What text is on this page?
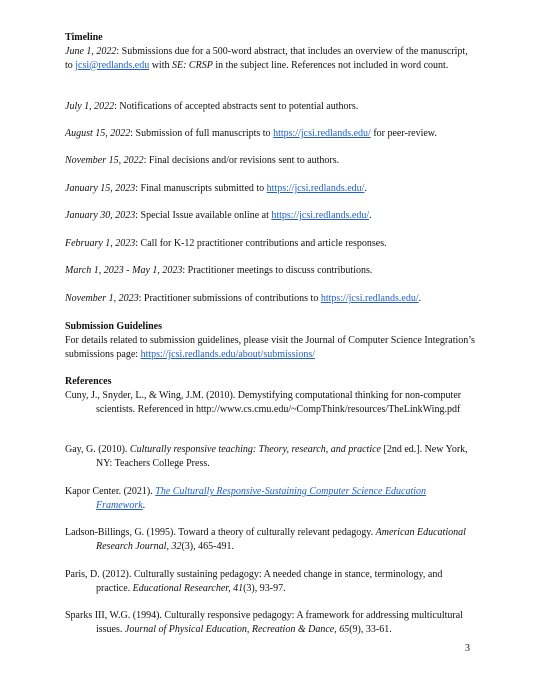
Timeline
June 1, 2022: Submissions due for a 500-word abstract, that includes an overview of the manuscript, to jcsi@redlands.edu with SE: CRSP in the subject line. References not included in word count.
July 1, 2022: Notifications of accepted abstracts sent to potential authors.
August 15, 2022: Submission of full manuscripts to https://jcsi.redlands.edu/ for peer-review.
November 15, 2022: Final decisions and/or revisions sent to authors.
January 15, 2023: Final manuscripts submitted to https://jcsi.redlands.edu/.
January 30, 2023: Special Issue available online at https://jcsi.redlands.edu/.
February 1, 2023: Call for K-12 practitioner contributions and article responses.
March 1, 2023 - May 1, 2023: Practitioner meetings to discuss contributions.
November 1, 2023: Practitioner submissions of contributions to https://jcsi.redlands.edu/.
Submission Guidelines
For details related to submission guidelines, please visit the Journal of Computer Science Integration’s submissions page: https://jcsi.redlands.edu/about/submissions/
References
Cuny, J., Snyder, L., & Wing, J.M. (2010). Demystifying computational thinking for non-computer scientists. Referenced in http://www.cs.cmu.edu/~CompThink/resources/TheLinkWing.pdf
Gay, G. (2010). Culturally responsive teaching: Theory, research, and practice [2nd ed.]. New York, NY: Teachers College Press.
Kapor Center. (2021). The Culturally Responsive-Sustaining Computer Science Education Framework.
Ladson-Billings, G. (1995). Toward a theory of culturally relevant pedagogy. American Educational Research Journal, 32(3), 465-491.
Paris, D. (2012). Culturally sustaining pedagogy: A needed change in stance, terminology, and practice. Educational Researcher, 41(3), 93-97.
Sparks III, W.G. (1994). Culturally responsive pedagogy: A framework for addressing multicultural issues. Journal of Physical Education, Recreation & Dance, 65(9), 33-61.
3
